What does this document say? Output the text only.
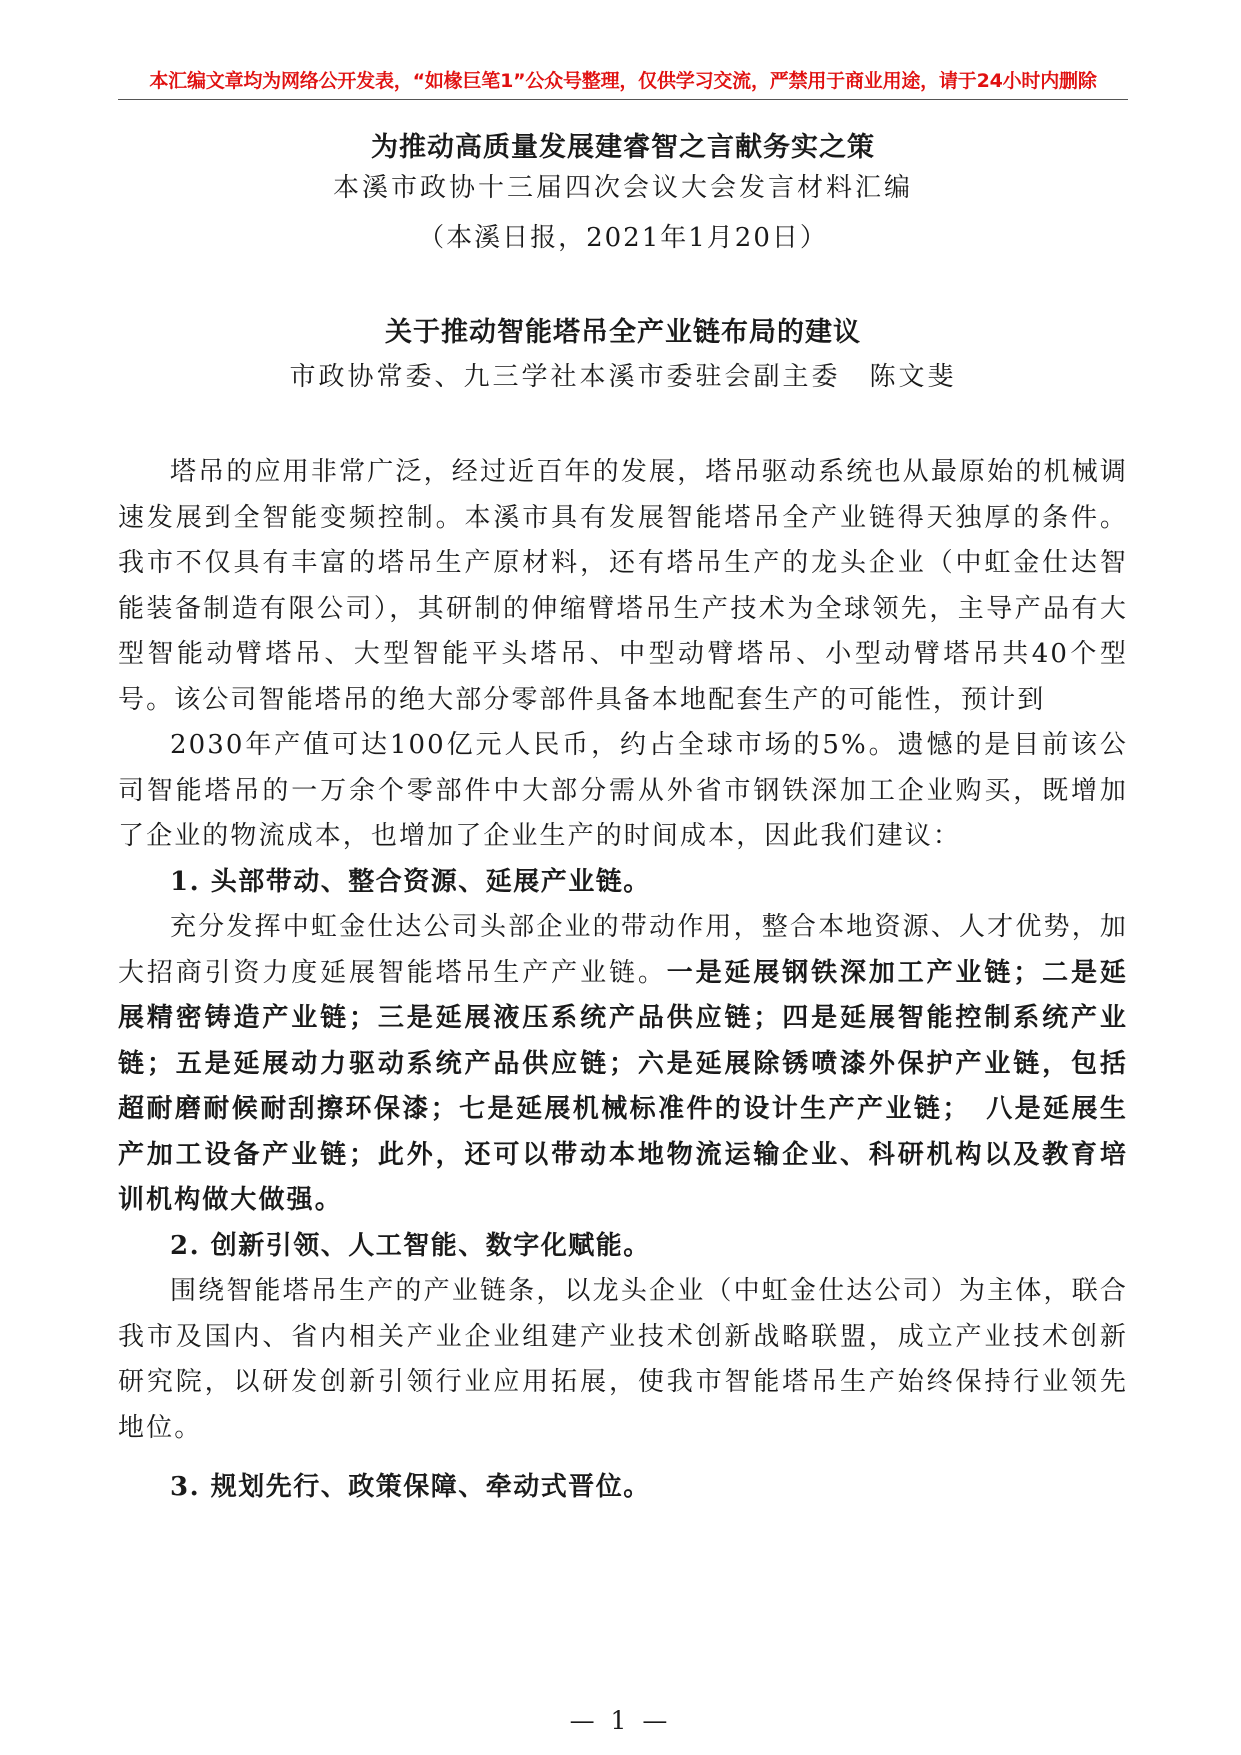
本汇编文章均为网络公开发表，“如椽巨笔1”公众号整理，仅供学习交流，严禁用于商业用途，请于24小时内删除
为推动高质量发展建睿智之言献务实之策
本溪市政协十三届四次会议大会发言材料汇编
（本溪日报，2021年1月20日）
关于推动智能塔吊全产业链布局的建议
市政协常委、九三学社本溪市委驻会副主委　陈文斐

塔吊的应用非常广泛，经过近百年的发展，塔吊驱动系统也从最原始的机械调速发展到全智能变频控制。本溪市具有发展智能塔吊全产业链得天独厚的条件。我市不仅具有丰富的塔吊生产原材料，还有塔吊生产的龙头企业（中虹金仕达智能装备制造有限公司），其研制的伸缩臂塔吊生产技术为全球领先，主导产品有大型智能动臂塔吊、大型智能平头塔吊、中型动臂塔吊、小型动臂塔吊共40个型号。该公司智能塔吊的绝大部分零部件具备本地配套生产的可能性，预计到

2030年产值可达100亿元人民币，约占全球市场的5%。遗憾的是目前该公司智能塔吊的一万余个零部件中大部分需从外省市钢铁深加工企业购买，既增加了企业的物流成本，也增加了企业生产的时间成本，因此我们建议：

1. 头部带动、整合资源、延展产业链。

充分发挥中虹金仕达公司头部企业的带动作用，整合本地资源、人才优势，加大招商引资力度延展智能塔吊生产产业链。一是延展钢铁深加工产业链；二是延展精密铸造产业链；三是延展液压系统产品供应链；四是延展智能控制系统产业链；五是延展动力驱动系统产品供应链；六是延展除锈喷漆外保护产业链，包括超耐磨耐候耐刮擦环保漆；七是延展机械标准件的设计生产产业链；　八是延展生产加工设备产业链；此外，还可以带动本地物流运输企业、科研机构以及教育培训机构做大做强。

2. 创新引领、人工智能、数字化赋能。

围绕智能塔吊生产的产业链条，以龙头企业（中虹金仕达公司）为主体，联合我市及国内、省内相关产业企业组建产业技术创新战略联盟，成立产业技术创新研究院，以研发创新引领行业应用拓展，使我市智能塔吊生产始终保持行业领先地位。

3. 规划先行、政策保障、牵动式晋位。

— 1 —
